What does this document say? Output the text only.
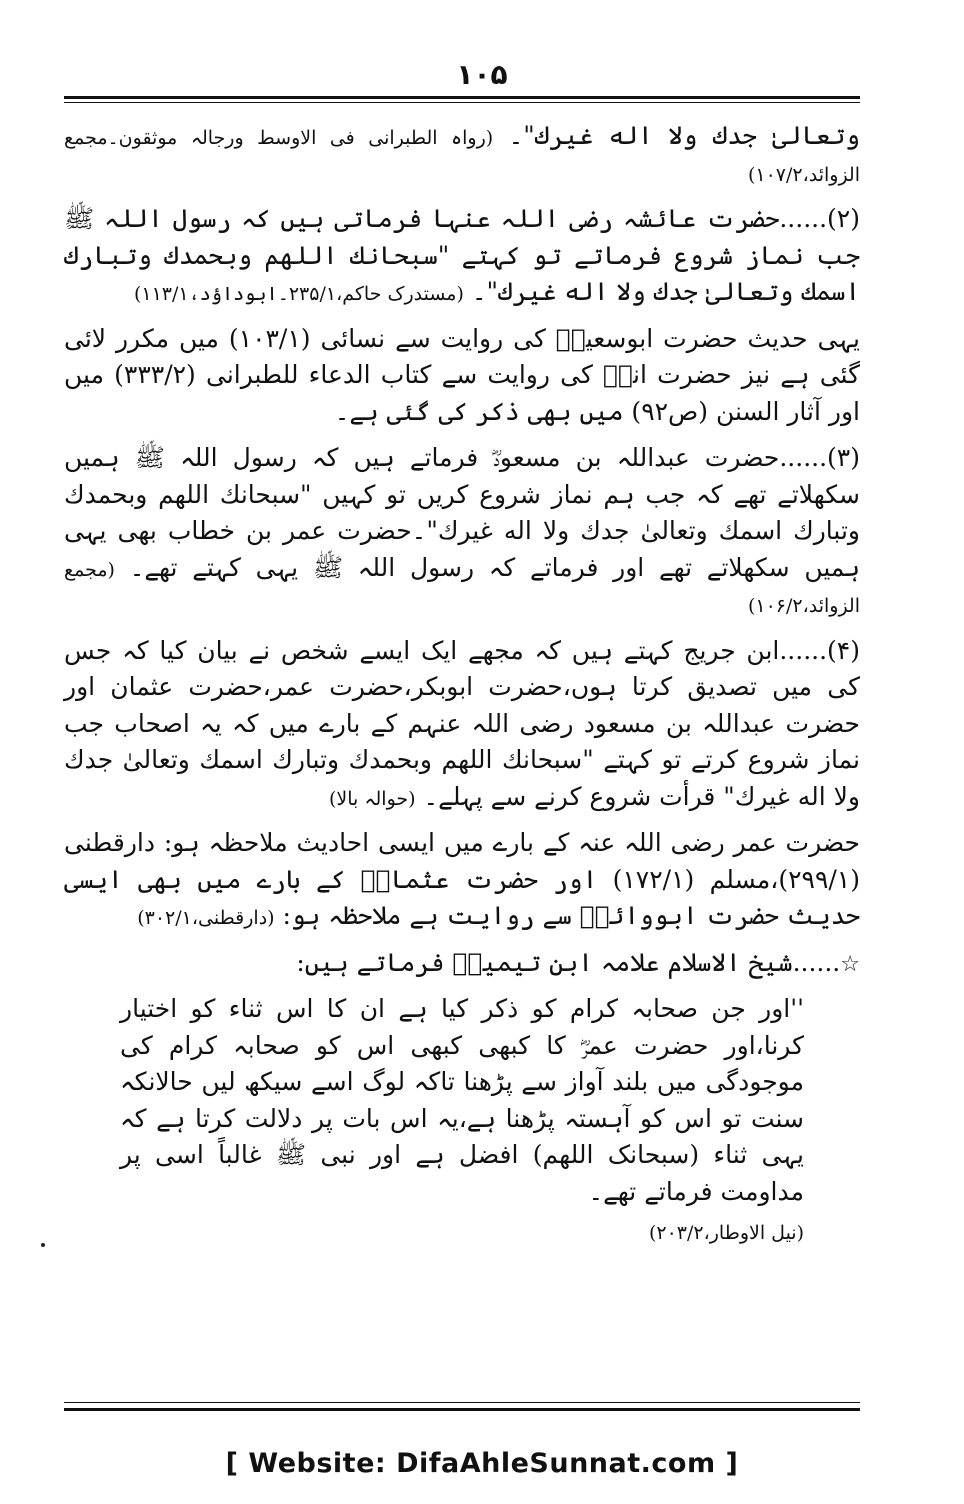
۱۰۵

وتعالیٰ جدك ولا اله غيرك"۔ (رواہ الطبرانی فی الاوسط ورجالہ موثقون۔مجمع الزوائد،۱۰۷/۲)

(۲)......حضرت عائشہ رضی اللہ عنہا فرماتی ہیں کہ رسول اللہ ﷺ جب نماز شروع فرماتے تو کہتے "سبحانك اللهم وبحمدك وتبارك اسمك وتعالیٰ جدك ولا اله غيرك"۔ (مستدرک حاکم،۲۳۵/۱۔ابوداؤد،۱۱۳/۱)

یہی حدیث حضرت ابوسعیدؓ کی روایت سے نسائی (۱۰۳/۱) میں مکرر لائی گئی ہے نیز حضرت انسؓ کی روایت سے کتاب الدعاء للطبرانی (۳۳۳/۲) میں اور آثار السنن (ص۹۲) میں بھی ذکر کی گئی ہے۔

(۳)......حضرت عبداللہ بن مسعودؓ فرماتے ہیں کہ رسول اللہ ﷺ ہمیں سکھلاتے تھے کہ جب ہم نماز شروع کریں تو کہیں "سبحانك اللهم وبحمدك وتبارك اسمك وتعالیٰ جدك ولا اله غيرك"۔حضرت عمر بن خطاب بھی یہی ہمیں سکھلاتے تھے اور فرماتے کہ رسول اللہ ﷺ یہی کہتے تھے۔ (مجمع الزوائد،۱۰۶/۲)

(۴)......ابن جریج کہتے ہیں کہ مجھے ایک ایسے شخص نے بیان کیا کہ جس کی میں تصدیق کرتا ہوں،حضرت ابوبکر،حضرت عمر،حضرت عثمان اور حضرت عبداللہ بن مسعود رضی اللہ عنہم کے بارے میں کہ یہ اصحاب جب نماز شروع کرتے تو کہتے "سبحانك اللهم وبحمدك وتبارك اسمك وتعالیٰ جدك ولا اله غيرك" قرأت شروع کرنے سے پہلے۔ (حوالہ بالا)

حضرت عمر رضی اللہ عنہ کے بارے میں ایسی احادیث ملاحظہ ہو: دارقطنی (۲۹۹/۱)،مسلم (۱۷۲/۱) اور حضرت عثمانؓ کے بارے میں بھی ایسی حدیث حضرت ابووائلؓ سے روایت ہے ملاحظہ ہو: (دارقطنی،۳۰۲/۱)

☆......شیخ الاسلام علامہ ابن تیمیہؒ فرماتے ہیں:

''اور جن صحابہ کرام کو ذکر کیا ہے ان کا اس ثناء کو اختیار کرنا،اور حضرت عمرؓ کا کبھی کبھی اس کو صحابہ کرام کی موجودگی میں بلند آواز سے پڑھنا تاکہ لوگ اسے سیکھ لیں حالانکہ سنت تو اس کو آہستہ پڑھنا ہے،یہ اس بات پر دلالت کرتا ہے کہ یہی ثناء (سبحانک اللھم) افضل ہے اور نبی ﷺ غالباً اسی پر مداومت فرماتے تھے۔

(نیل الاوطار،۲۰۳/۲)

[ Website: DifaAhleSunnat.com ]
